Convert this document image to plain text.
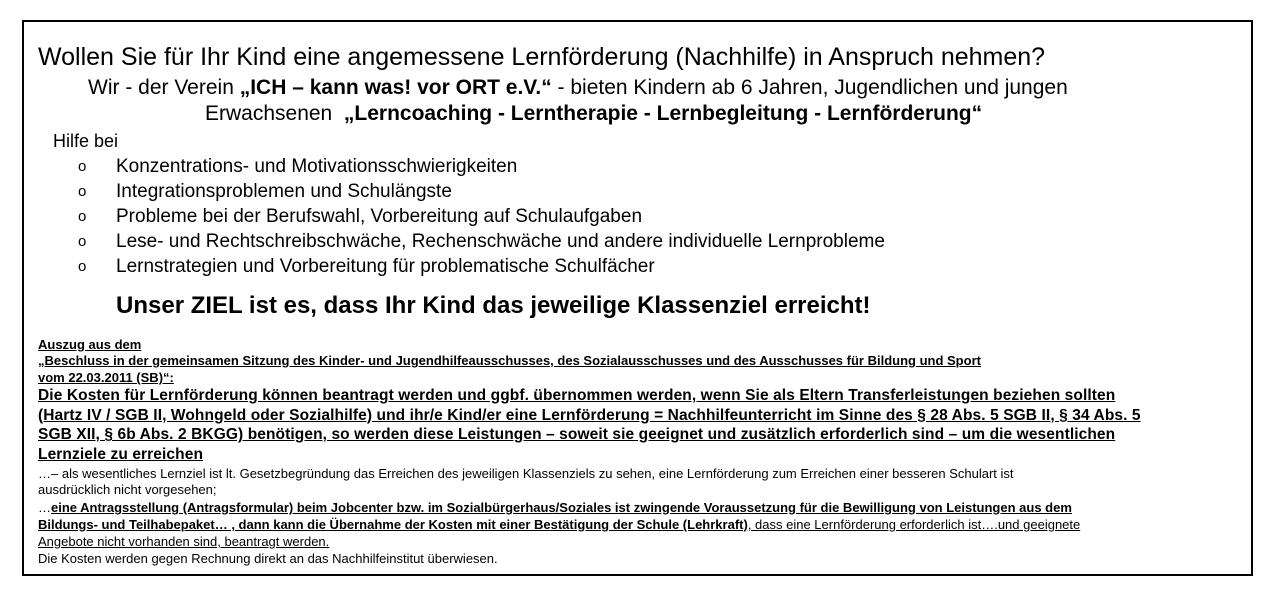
Wollen Sie für Ihr Kind eine angemessene Lernförderung (Nachhilfe) in Anspruch nehmen?
Wir - der Verein „ICH – kann was! vor ORT e.V.“ - bieten Kindern ab 6 Jahren, Jugendlichen und jungen
Erwachsenen  „Lerncoaching - Lerntherapie - Lernbegleitung - Lernförderung“
Hilfe bei
o	Konzentrations- und Motivationsschwierigkeiten
o	Integrationsproblemen und Schulängste
o	Probleme bei der Berufswahl, Vorbereitung auf Schulaufgaben
o	Lese- und Rechtschreibschwäche, Rechenschwäche und andere individuelle Lernprobleme
o	Lernstrategien und Vorbereitung für problematische Schulfächer
Unser ZIEL ist es, dass Ihr Kind das jeweilige Klassenziel erreicht!
Auszug aus dem
„Beschluss in der gemeinsamen Sitzung des Kinder- und Jugendhilfeausschusses, des Sozialausschusses und des Ausschusses für Bildung und Sport
vom 22.03.2011 (SB)“:
Die Kosten für Lernförderung können beantragt werden und ggbf. übernommen werden, wenn Sie als Eltern Transferleistungen beziehen sollten
(Hartz IV / SGB II, Wohngeld oder Sozialhilfe) und ihr/e Kind/er eine Lernförderung = Nachhilfeunterricht im Sinne des § 28 Abs. 5 SGB II, § 34 Abs. 5
SGB XII, § 6b Abs. 2 BKGG) benötigen, so werden diese Leistungen – soweit sie geeignet und zusätzlich erforderlich sind – um die wesentlichen
Lernziele zu erreichen
…– als wesentliches Lernziel ist lt. Gesetzbegründung das Erreichen des jeweiligen Klassenziels zu sehen, eine Lernförderung zum Erreichen einer besseren Schulart ist
ausdrücklich nicht vorgesehen;
…eine Antragsstellung (Antragsformular) beim Jobcenter bzw. im Sozialbürgerhaus/Soziales ist zwingende Voraussetzung für die Bewilligung von Leistungen aus dem
Bildungs- und Teilhabepaket… , dann kann die Übernahme der Kosten mit einer Bestätigung der Schule (Lehrkraft), dass eine Lernförderung erforderlich ist….und geeignete
Angebote nicht vorhanden sind, beantragt werden.
Die Kosten werden gegen Rechnung direkt an das Nachhilfeinstitut überwiesen.
